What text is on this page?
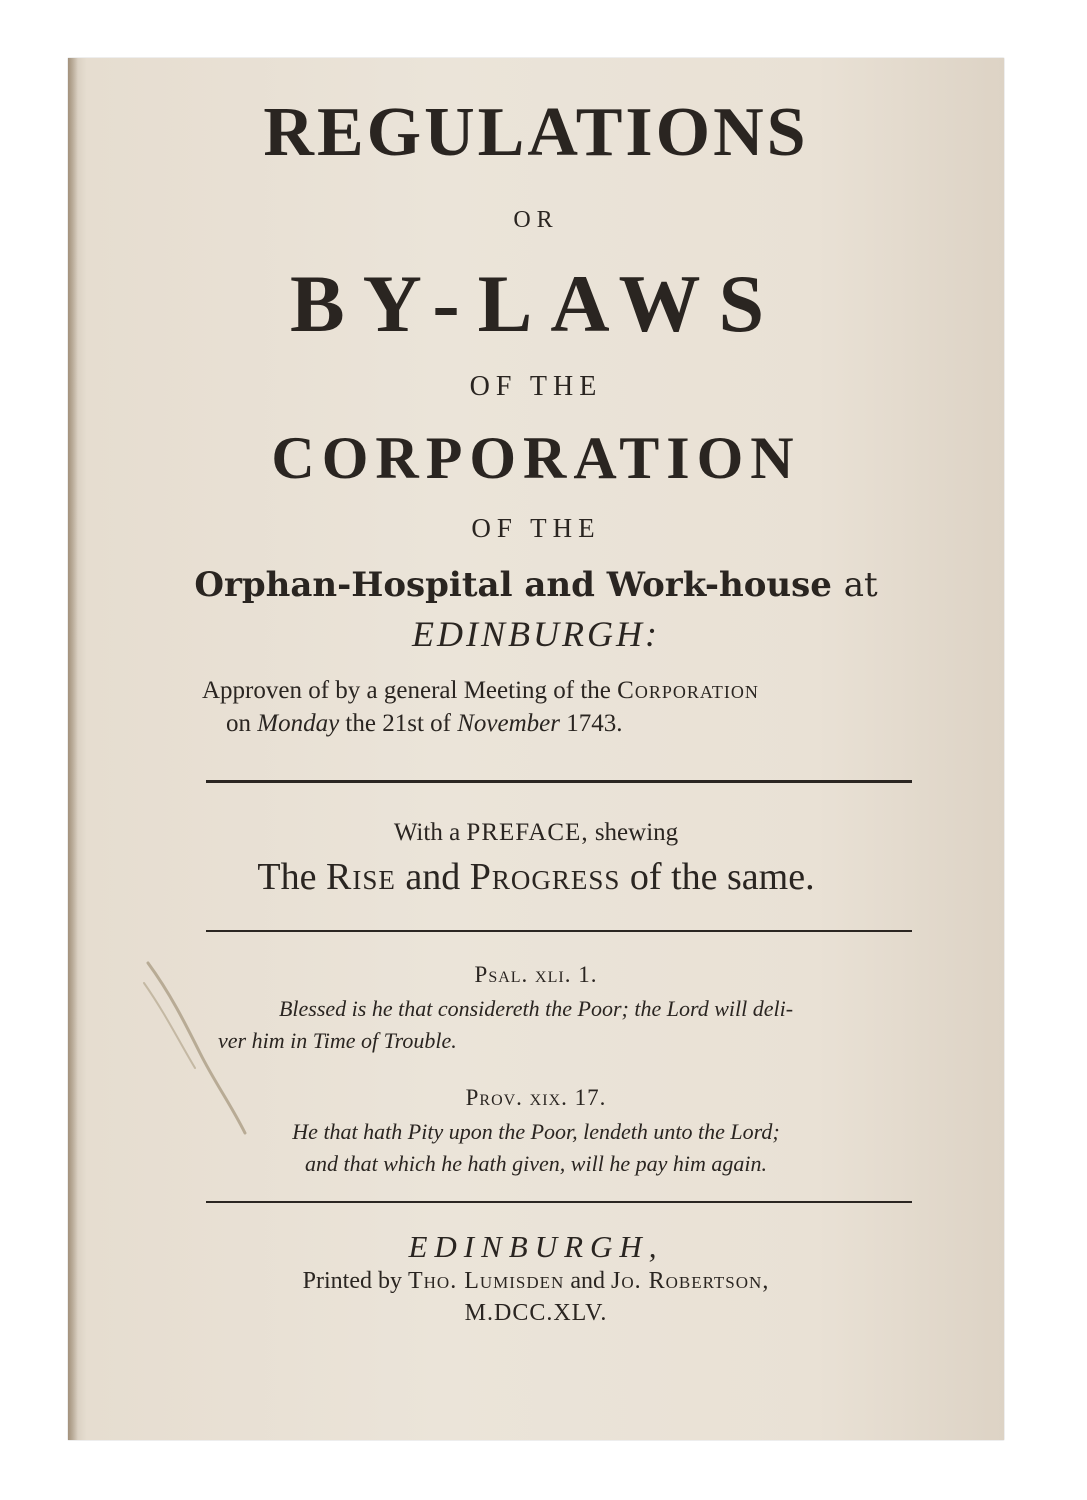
REGULATIONS
OR
BY-LAWS
OF THE
CORPORATION
OF THE
Orphan-Hospital and Work-house at
EDINBURGH:
Approven of by a general Meeting of the Corporation
on Monday the 21st of November 1743.
With a PREFACE, shewing
The Rise and Progress of the same.
Psal. xli. 1.
Blessed is he that considereth the Poor; the Lord will deli-
ver him in Time of Trouble.
Prov. xix. 17.
He that hath Pity upon the Poor, lendeth unto the Lord;
and that which he hath given, will he pay him again.
EDINBURGH,
Printed by Tho. Lumisden and Jo. Robertson,
M.DCC.XLV.
